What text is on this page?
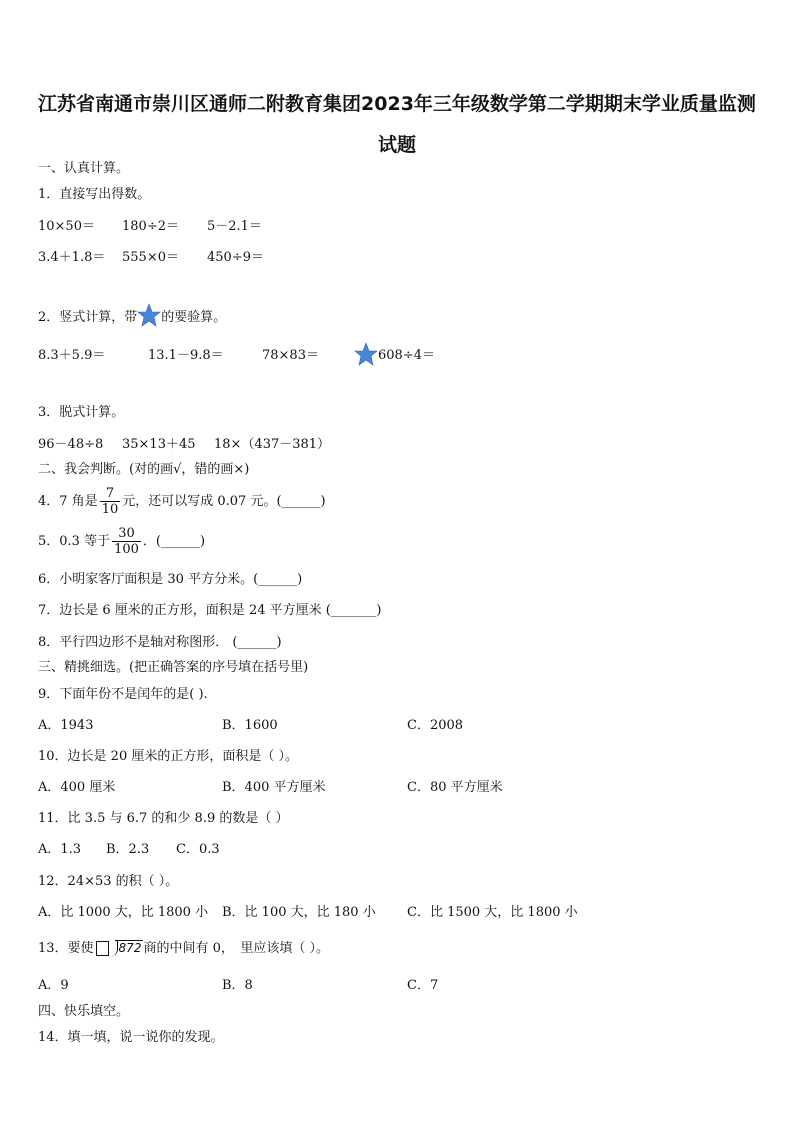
江苏省南通市崇川区通师二附教育集团2023年三年级数学第二学期期末学业质量监测
试题
一、认真计算。
1．直接写出得数。
10×50＝ 180÷2＝ 5－2.1＝
3.4＋1.8＝ 555×0＝ 450÷9＝
2．竖式计算，带 的要验算。
8.3＋5.9＝	13.1－9.8＝	78×83＝	608÷4＝
3．脱式计算。
96－48÷8 35×13＋45 18×（437－381）
二、我会判断。(对的画√，错的画×)
4．7 角是 $\frac{7}{10}$ 元，还可以写成 0.07 元。(______)
5．0.3 等于 $\frac{30}{100}$ ．(______)
6．小明家客厅面积是 30 平方分米。(______)
7．边长是 6 厘米的正方形，面积是 24 平方厘米 (_______)
8．平行四边形不是轴对称图形． (______)
三、精挑细选。(把正确答案的序号填在括号里)
9．下面年份不是闰年的是( ).
A．1943	B．1600	C．2008
10．边长是 20 厘米的正方形，面积是（ ）。
A．400 厘米	B．400 平方厘米	C．80 平方厘米
11．比 3.5 与 6.7 的和少 8.9 的数是（ ）
A．1.3 B．2.3 C．0.3
12．24×53 的积（ ）。
A．比 1000 大，比 1800 小 B．比 100 大，比 180 小 C．比 1500 大，比 1800 小
13．要使 872 商的中间有 0，　里应该填（ ）。
A．9	B．8	C．7
四、快乐填空。
14．填一填，说一说你的发现。
